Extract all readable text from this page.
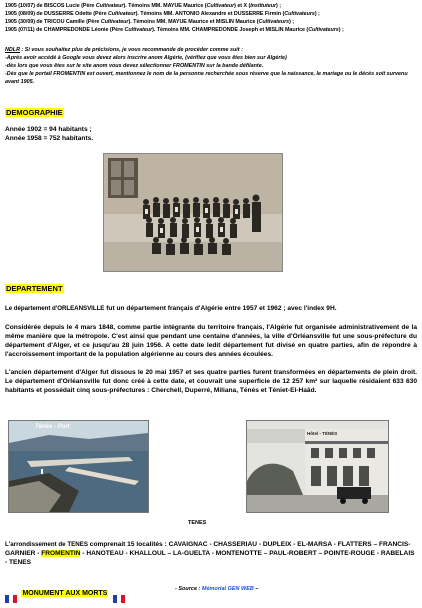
1905 (10/07) de BISCOS Lucie (Père Cultivateur). Témoins MM. MAYUE Maurice (Cultivateur) et X (Instituteur) ;
1905 (08/09) de DUSSERRE Odette (Père Cultivateur). Témoins MM. ANTONIO Alexandre et DUSSERRE Firmin (Cultivateurs) ;
1905 (30/09) de TRICOU Camille (Père Cultivateur). Témoins MM. MAYUE Maurice et MISLIN Maurice (Cultivateurs) ;
1905 (07/11) de CHAMPREDONDE Léonie (Père Cultivateur). Témoins MM. CHAMPREDONDE Joseph et MISLIN Maurice (Cultivateurs) ;
NDLR : Si vous souhaitez plus de précisions, je vous recommande de procéder comme suit :
-Après avoir accédé à Google vous devez alors inscrire anom Algérie, (vérifiez que vous êtes bien sur Algérie)
-dès lors que vous êtes sur le site anom vous devez sélectionner FROMENTIN sur la bande défilante.
-Dès que le portail FROMENTIN est ouvert, mentionnez le nom de la personne recherchée sous réserve que la naissance, le mariage ou le décès soit survenu avant 1905.
DEMOGRAPHIE
Année 1902 = 94 habitants ;
Année 1958 = 752 habitants.
DEPARTEMENT
Le département d'ORLEANSVILLE fut un département français d'Algérie entre 1957 et 1962 ; avec l'index 9H.
Considérée depuis le 4 mars 1848, comme partie intégrante du territoire français, l'Algérie fut organisée administrativement de la même manière que la métropole. C'est ainsi que pendant une centaine d'années, la ville d'Orléansville fut une sous-préfecture du département d'Alger, et ce jusqu'au 28 juin 1956. A cette date ledit département fut divisé en quatre parties, afin de répondre à l'accroissement important de la population algérienne au cours des années écoulées.
L'ancien département d'Alger fut dissous le 20 mai 1957 et ses quatre parties furent transformées en départements de plein droit. Le département d'Orléansville fut donc créé à cette date, et couvrait une superficie de 12 257 km² sur laquelle résidaient 633 630 habitants et possédait cinq sous-préfectures : Cherchell, Duperré, Miliana, Ténès et Téniet-El-Haâd.
Ténès - Port
Hôtel - TÉNÈS
TENES
L'arrondissement de TENES comprenait 15 localités : CAVAIGNAC - CHASSERIAU - DUPLEIX - EL-MARSA - FLATTERS – FRANCIS-GARNIER - FROMENTIN - HANOTEAU - KHALLOUL – LA-GUELTA - MONTENOTTE – PAUL-ROBERT – POINTE-ROUGE - RABELAIS - TENES
MONUMENT AUX MORTS
- Source : Mémorial GEN WEB –
